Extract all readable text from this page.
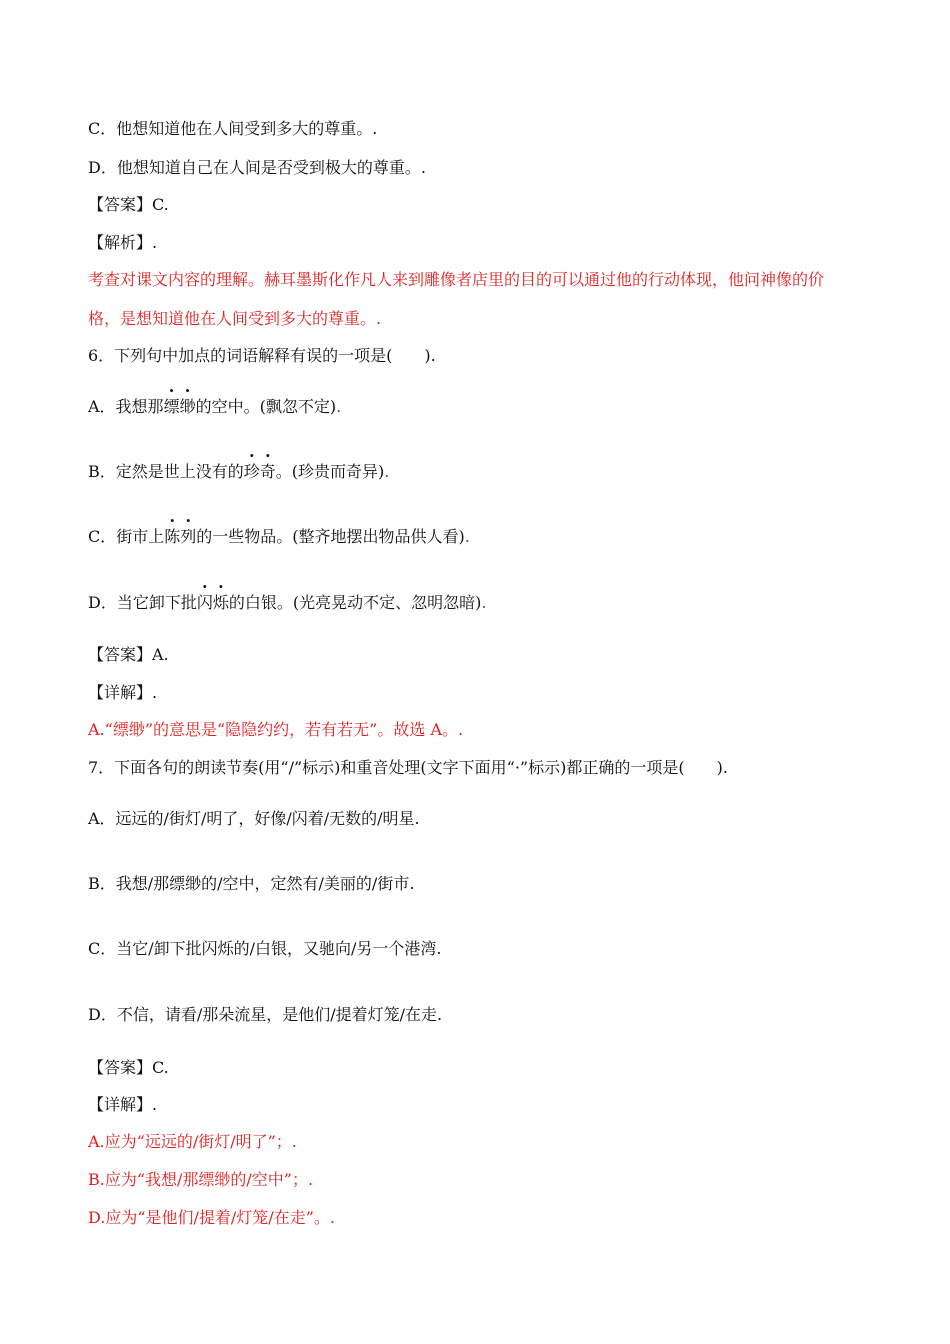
C．他想知道他在人间受到多大的尊重。.
D．他想知道自己在人间是否受到极大的尊重。.
【答案】C.
【解析】.
考查对课文内容的理解。赫耳墨斯化作凡人来到雕像者店里的目的可以通过他的行动体现，他问神像的价
格，是想知道他在人间受到多大的尊重。.
6．下列句中加点的词语解释有误的一项是(　　).
A．我想那缥缈的空中。(飘忽不定).
B．定然是世上没有的珍奇。(珍贵而奇异).
C．街市上陈列的一些物品。(整齐地摆出物品供人看).
D．当它卸下批闪烁的白银。(光亮晃动不定、忽明忽暗).
【答案】A.
【详解】.
A.“缥缈”的意思是“隐隐约约，若有若无”。故选 A。.
7．下面各句的朗读节奏(用“/”标示)和重音处理(文字下面用“·”标示)都正确的一项是(　　).
A．远远的/街灯/明了，好像/闪着/无数的/明星.
B．我想/那缥缈的/空中，定然有/美丽的/街市.
C．当它/卸下批闪烁的/白银，又驰向/另一个港湾.
D．不信，请看/那朵流星，是他们/提着灯笼/在走.
【答案】C.
【详解】.
A.应为“远远的/街灯/明了”；.
B.应为“我想/那缥缈的/空中”；.
D.应为“是他们/提着/灯笼/在走”。.
